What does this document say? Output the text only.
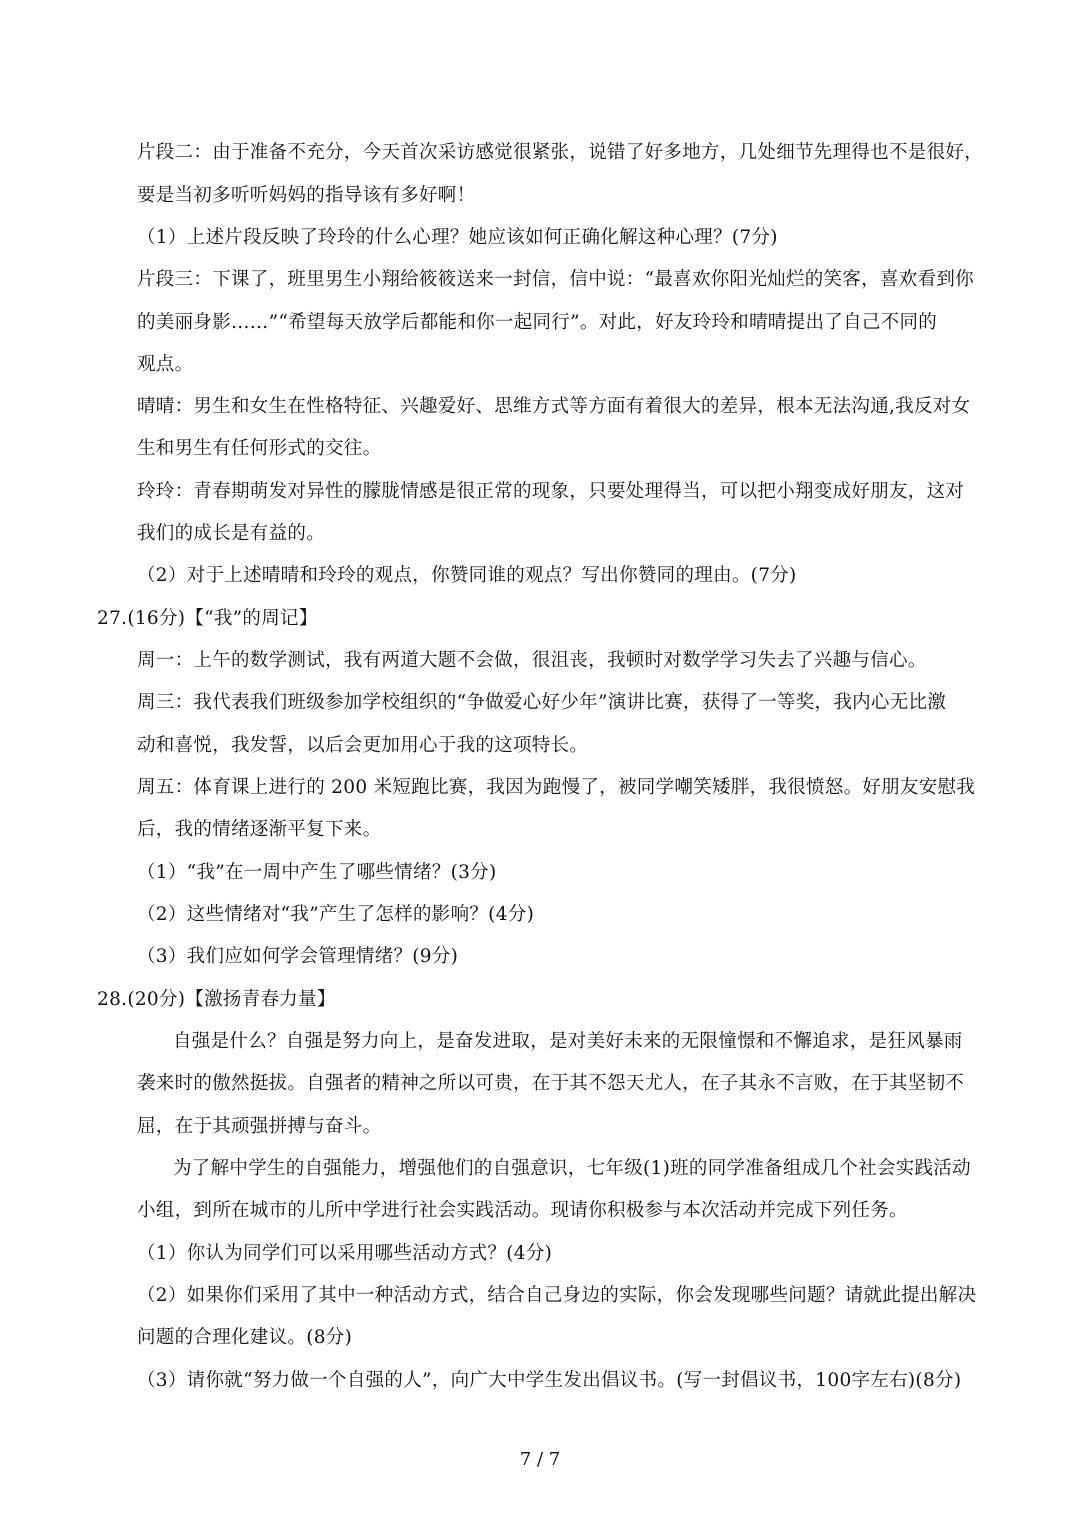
片段二：由于准备不充分，今天首次采访感觉很紧张，说错了好多地方，几处细节先理得也不是很好，
要是当初多听听妈妈的指导该有多好啊！
（1）上述片段反映了玲玲的什么心理？她应该如何正确化解这种心理？(7分)
片段三：下课了，班里男生小翔给筱筱送来一封信，信中说：“最喜欢你阳光灿烂的笑客，喜欢看到你
的美丽身影……”“希望每天放学后都能和你一起同行”。对此，好友玲玲和晴晴提出了自己不同的
观点。
晴晴：男生和女生在性格特征、兴趣爱好、思维方式等方面有着很大的差异，根本无法沟通,我反对女
生和男生有任何形式的交往。
玲玲：青春期萌发对异性的朦胧情感是很正常的现象，只要处理得当，可以把小翔变成好朋友，这对
我们的成长是有益的。
（2）对于上述晴晴和玲玲的观点，你赞同谁的观点？写出你赞同的理由。(7分)
27.(16分)【“我”的周记】
周一：上午的数学测试，我有两道大题不会做，很沮丧，我顿时对数学学习失去了兴趣与信心。
周三：我代表我们班级参加学校组织的“争做爱心好少年”演讲比赛，获得了一等奖，我内心无比激
动和喜悦，我发誓，以后会更加用心于我的这项特长。
周五：体育课上进行的 200 米短跑比赛，我因为跑慢了，被同学嘲笑矮胖，我很愤怒。好朋友安慰我
后，我的情绪逐渐平复下来。
（1）“我”在一周中产生了哪些情绪？(3分)
（2）这些情绪对“我”产生了怎样的影响？(4分)
（3）我们应如何学会管理情绪？(9分)
28.(20分)【激扬青春力量】
自强是什么？自强是努力向上，是奋发进取，是对美好未来的无限憧憬和不懈追求，是狂风暴雨
袭来时的傲然挺拔。自强者的精神之所以可贵，在于其不怨天尤人，在子其永不言败，在于其坚韧不
屈，在于其顽强拼搏与奋斗。
为了解中学生的自强能力，增强他们的自强意识，七年级(1)班的同学准备组成几个社会实践活动
小组，到所在城市的儿所中学进行社会实践活动。现请你积极参与本次活动并完成下列任务。
（1）你认为同学们可以采用哪些活动方式？(4分)
（2）如果你们采用了其中一种活动方式，结合自己身边的实际，你会发现哪些问题？请就此提出解决
问题的合理化建议。(8分)
（3）请你就“努力做一个自强的人”，向广大中学生发出倡议书。(写一封倡议书，100字左右)(8分)
7 / 7
